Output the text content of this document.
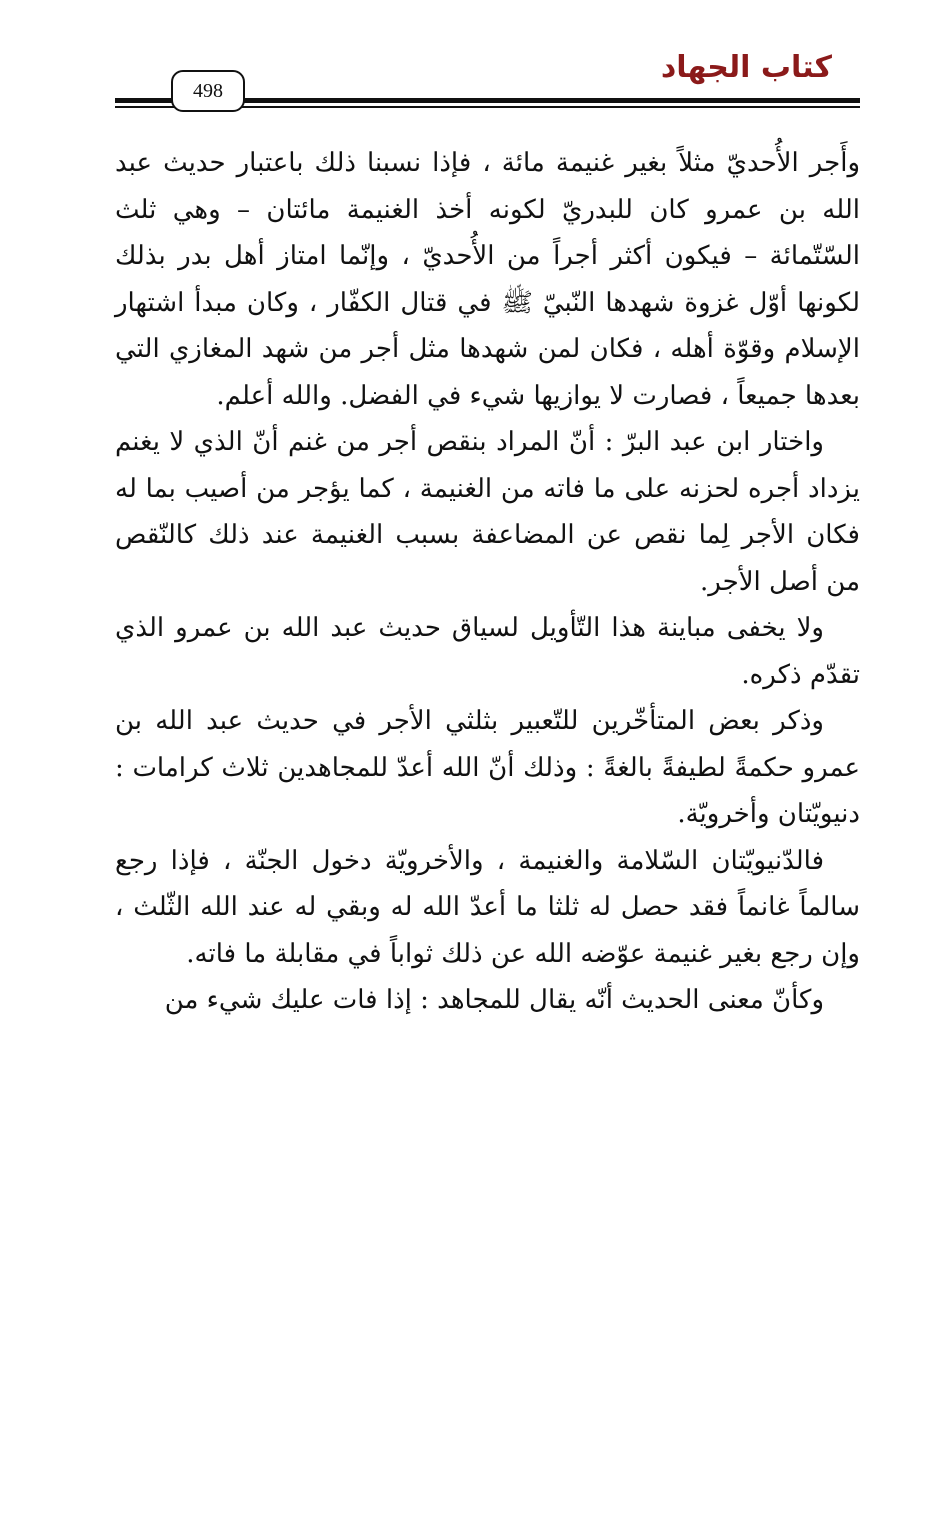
كتاب الجهاد
498

وأَجر الأُحديّ مثلاً بغير غنيمة مائة ، فإذا نسبنا ذلك باعتبار حديث عبد الله بن عمرو كان للبدريّ لكونه أخذ الغنيمة مائتان – وهي ثلث السّتّمائة – فيكون أكثر أجراً من الأُحديّ ، وإنّما امتاز أهل بدر بذلك لكونها أوّل غزوة شهدها النّبيّ ﷺ في قتال الكفّار ، وكان مبدأ اشتهار الإسلام وقوّة أهله ، فكان لمن شهدها مثل أجر من شهد المغازي التي بعدها جميعاً ، فصارت لا يوازيها شيء في الفضل. والله أعلم.

واختار ابن عبد البرّ : أنّ المراد بنقص أجر من غنم أنّ الذي لا يغنم يزداد أجره لحزنه على ما فاته من الغنيمة ، كما يؤجر من أصيب بما له فكان الأجر لِما نقص عن المضاعفة بسبب الغنيمة عند ذلك كالنّقص من أصل الأجر.

ولا يخفى مباينة هذا التّأويل لسياق حديث عبد الله بن عمرو الذي تقدّم ذكره.

وذكر بعض المتأخّرين للتّعبير بثلثي الأجر في حديث عبد الله بن عمرو حكمةً لطيفةً بالغةً : وذلك أنّ الله أعدّ للمجاهدين ثلاث كرامات : دنيويّتان وأخرويّة.

فالدّنيويّتان السّلامة والغنيمة ، والأخرويّة دخول الجنّة ، فإذا رجع سالماً غانماً فقد حصل له ثلثا ما أعدّ الله له وبقي له عند الله الثّلث ، وإن رجع بغير غنيمة عوّضه الله عن ذلك ثواباً في مقابلة ما فاته.

وكأنّ معنى الحديث أنّه يقال للمجاهد : إذا فات عليك شيء من
